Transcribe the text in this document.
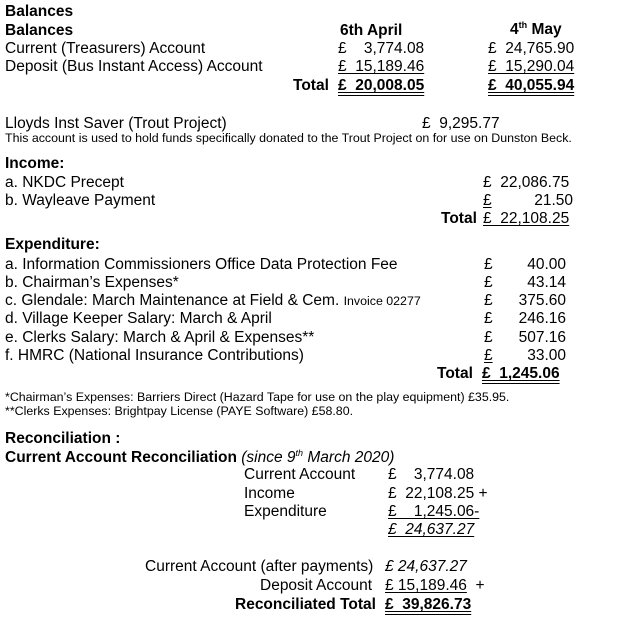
Balances
Balances	6th April	4th May
Current (Treasurers) Account	£    3,774.08	£  24,765.90
Deposit (Bus Instant Access) Account	£  15,189.46	£  15,290.04
Total £  20,008.05	£  40,055.94
Lloyds Inst Saver (Trout Project)	£  9,295.77
This account is used to hold funds specifically donated to the Trout Project on for use on Dunston Beck.
Income:
a. NKDC Precept	£  22,086.75
b. Wayleave Payment	£	21.50
Total £  22,108.25
Expenditure:
a. Information Commissioners Office Data Protection Fee	£	40.00
b. Chairman’s Expenses*	£	43.14
c. Glendale: March Maintenance at Field & Cem. Invoice 02277	£	375.60
d. Village Keeper Salary: March & April	£	246.16
e. Clerks Salary: March & April & Expenses**	£	507.16
f. HMRC (National Insurance Contributions)	£ 33.00
Total £  1,245.06
*Chairman’s Expenses: Barriers Direct (Hazard Tape for use on the play equipment) £35.95.
**Clerks Expenses: Brightpay License (PAYE Software) £58.80.
Reconciliation :
Current Account Reconciliation (since 9th March 2020)
Current Account £    3,774.08
Income	£  22,108.25 +
Expenditure	£    1,245.06-
£  24,637.27
Current Account (after payments) £ 24,637.27
Deposit Account £ 15,189.46 +
Reconciliated Total £  39,826.73
